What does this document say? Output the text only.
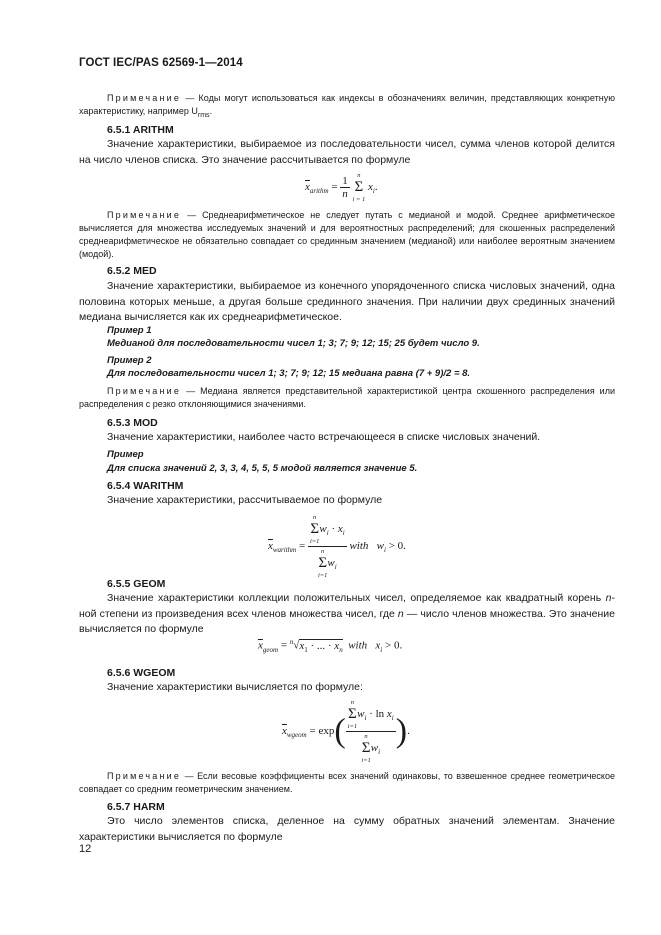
ГОСТ IEC/PAS 62569-1—2014
Примечание — Коды могут использоваться как индексы в обозначениях величин, представляющих конкретную характеристику, например $U_{rms}$.
6.5.1 ARITHM
Значение характеристики, выбираемое из последовательности чисел, сумма членов которой делится на число членов списка. Это значение рассчитывается по формуле
$\overline{x}_{arithm} = \frac{1}{n}$
n
Σ
i = 1
$x_i$.
Примечание — Среднеарифметическое не следует путать с медианой и модой. Среднее арифметическое вычисляется для множества исследуемых значений и для вероятностных распределений; для скошенных распределений среднеарифметическое не обязательно совпадает со срединным значением (медианой) или наиболее вероятным значением (модой).
6.5.2 MED
Значение характеристики, выбираемое из конечного упорядоченного списка числовых значений, одна половина которых меньше, а другая больше срединного значения. При наличии двух срединных значений медиана вычисляется как их среднеарифметическое.
Пример 1
Медианой для последовательности чисел 1; 3; 7; 9; 12; 15; 25 будет число 9.
Пример 2
Для последовательности чисел 1; 3; 7; 9; 12; 15 медиана равна (7 + 9)/2 = 8.
Примечание — Медиана является представительной характеристикой центра скошенного распределения или распределения с резко отклоняющимися значениями.
6.5.3 MOD
Значение характеристики, наиболее часто встречающееся в списке числовых значений.
Пример
Для списка значений 2, 3, 3, 4, 5, 5, 5 модой является значение 5.
6.5.4 WARITHM
Значение характеристики, рассчитываемое по формуле
$\overline{x}_{warithm} = n$
Σ
i=1
$w_i \cdot x_i$
n
Σ
i=1
$w_i$ with $w_i > 0$.
6.5.5 GEOM
Значение характеристики коллекции положительных чисел, определяемое как квадратный корень n-ной степени из произведения всех членов множества чисел, где n — число членов множества. Это значение вычисляется по формуле
$\overline{x}_{geom} = ^n√x_1$ · ... · $x_n$ with $x_i > 0$.
6.5.6 WGEOM
Значение характеристики вычисляется по формуле:
$\overline{x}_{wgeom} = \exp$( n
Σ
i=1
$w_i \cdot \ln x_i$
n
Σ
i=1
$w_i$ ).
Примечание — Если весовые коэффициенты всех значений одинаковы, то взвешенное среднее геометрическое совпадает со средним геометрическим значением.
6.5.7 HARM
Это число элементов списка, деленное на сумму обратных значений элементам. Значение характеристики вычисляется по формуле
12
